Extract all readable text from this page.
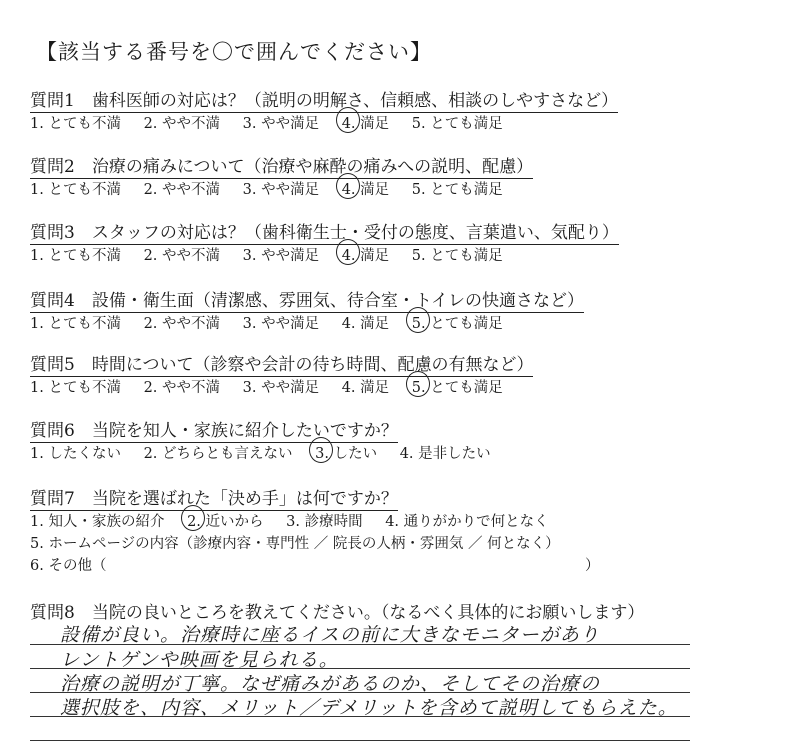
【該当する番号を〇で囲んでください】
質問1　歯科医師の対応は？（説明の明解さ、信頼感、相談のしやすさなど）
1. とても不満 2. やや不満 3. やや満足 4. 満足 5. とても満足
質問2　治療の痛みについて（治療や麻酔の痛みへの説明、配慮）
1. とても不満 2. やや不満 3. やや満足 4. 満足 5. とても満足
質問3　スタッフの対応は？（歯科衛生士・受付の態度、言葉遣い、気配り）
1. とても不満 2. やや不満 3. やや満足 4. 満足 5. とても満足
質問4　設備・衛生面（清潔感、雰囲気、待合室・トイレの快適さなど）
1. とても不満 2. やや不満 3. やや満足 4. 満足 5. とても満足
質問5　時間について（診察や会計の待ち時間、配慮の有無など）
1. とても不満 2. やや不満 3. やや満足 4. 満足 5. とても満足
質問6　当院を知人・家族に紹介したいですか？
1. したくない 2. どちらとも言えない 3. したい 4. 是非したい
質問7　当院を選ばれた「決め手」は何ですか？
1. 知人・家族の紹介 2. 近いから 3. 診療時間 4. 通りがかりで何となく
5. ホームページの内容（診療内容・専門性 ／ 院長の人柄・雰囲気 ／ 何となく）
6. その他（　　　　　　　　　　　　　　　　　　　　　　　　　　　　　　　　　）
質問8　当院の良いところを教えてください。（なるべく具体的にお願いします）
設備が良い。治療時に座るイスの前に大きなモニターがあり
レントゲンや映画を見られる。
治療の説明が丁寧。なぜ痛みがあるのか、そしてその治療の
選択肢を、内容、メリット／デメリットを含めて説明してもらえた。
